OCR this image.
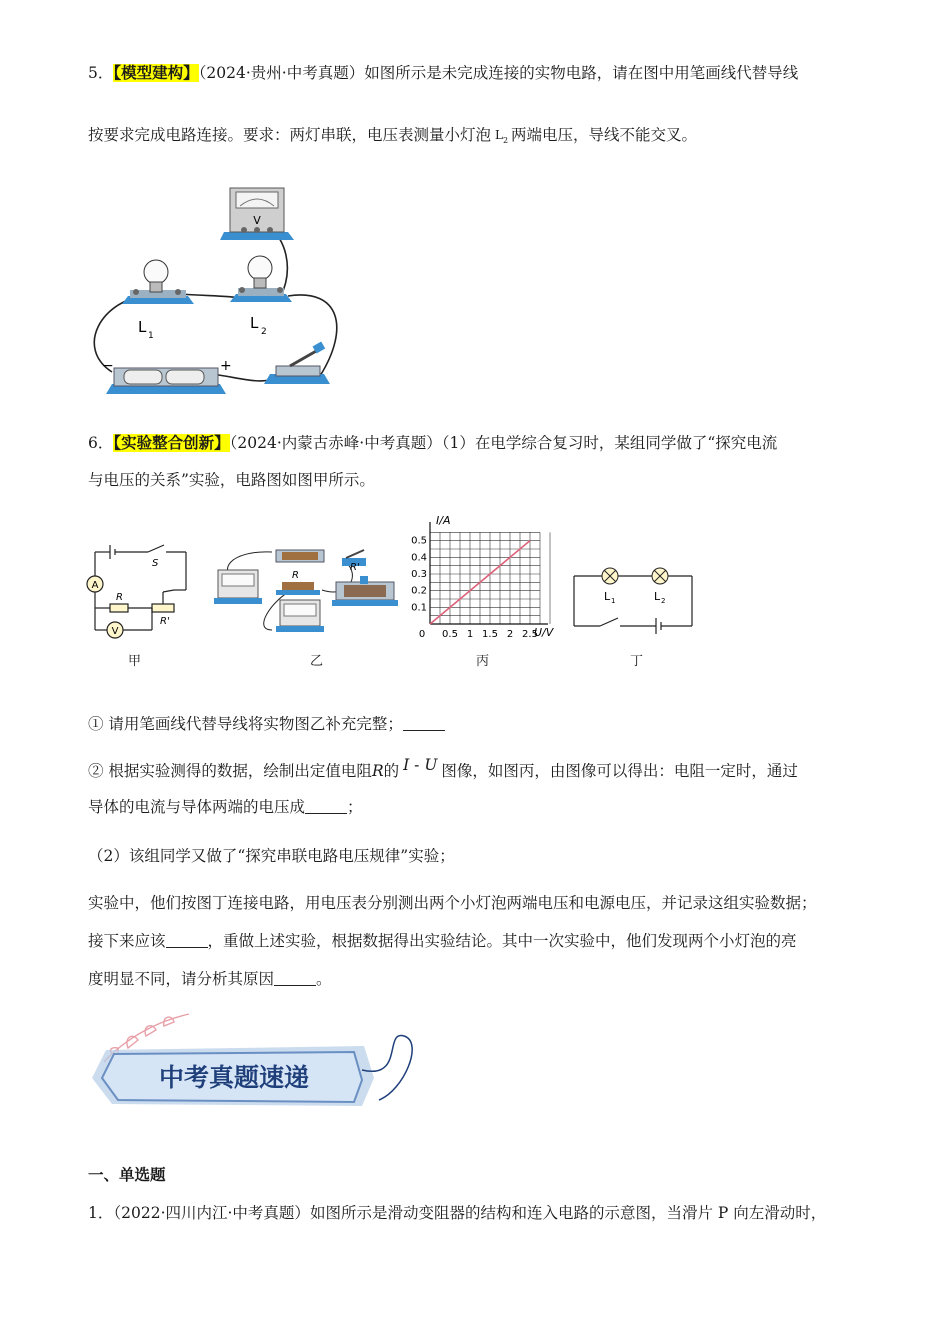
5．【模型建构】（2024·贵州·中考真题）如图所示是未完成连接的实物电路，请在图中用笔画线代替导线
按要求完成电路连接。要求：两灯串联，电压表测量小灯泡 L 2 两端电压，导线不能交叉。
V
L 1
L 2
−	+
6．【实验整合创新】（2024·内蒙古赤峰·中考真题）（1）在电学综合复习时，某组同学做了“探究电流
与电压的关系”实验，电路图如图甲所示。
A
V
S
R
R'
甲
R
R'
乙
0 0.5 1 1.5 2 2.5
0.1
0.2
0.3
0.4
0.5
I/A
U/V
丙
L 1	L 2
丁
① 请用笔画线代替导线将实物图乙补充完整；
② 根据实验测得的数据，绘制出定值电阻R的 I - U 图像，如图丙，由图像可以得出：电阻一定时，通过
导体的电流与导体两端的电压成	；
（2）该组同学又做了“探究串联电路电压规律”实验；
实验中，他们按图丁连接电路，用电压表分别测出两个小灯泡两端电压和电源电压，并记录这组实验数据；
接下来应该	，重做上述实验，根据数据得出实验结论。其中一次实验中，他们发现两个小灯泡的亮
度明显不同，请分析其原因	。
中考真题速递
一、单选题
1．（2022·四川内江·中考真题）如图所示是滑动变阻器的结构和连入电路的示意图，当滑片 P 向左滑动时，
